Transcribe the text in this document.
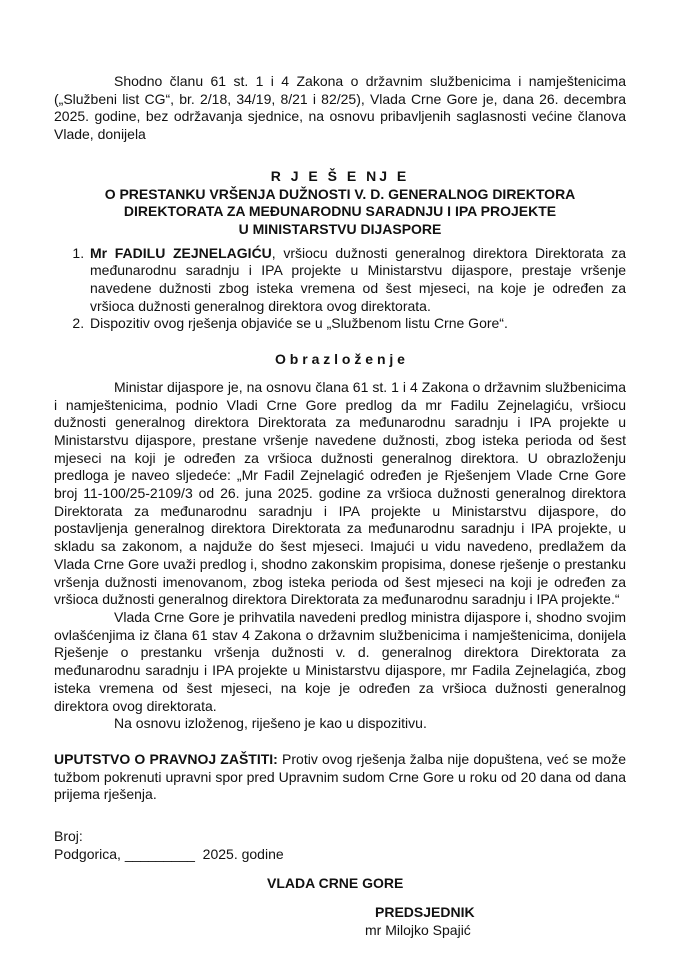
Shodno članu 61 st. 1 i 4 Zakona o državnim službenicima i namještenicima („Službeni list CG“, br. 2/18, 34/19, 8/21 i 82/25), Vlada Crne Gore je, dana 26. decembra 2025. godine, bez održavanja sjednice, na osnovu pribavljenih saglasnosti većine članova Vlade, donijela

R J E Š E NJ E
O PRESTANKU VRŠENJA DUŽNOSTI V. D. GENERALNOG DIREKTORA
DIREKTORATA ZA MEĐUNARODNU SARADNJU I IPA PROJEKTE
U MINISTARSTVU DIJASPORE
1. Mr FADILU ZEJNELAGIĆU, vršiocu dužnosti generalnog direktora Direktorata za međunarodnu saradnju i IPA projekte u Ministarstvu dijaspore, prestaje vršenje navedene dužnosti zbog isteka vremena od šest mjeseci, na koje je određen za vršioca dužnosti generalnog direktora ovog direktorata.
2. Dispozitiv ovog rješenja objaviće se u „Službenom listu Crne Gore“.
O b r a z l o ž e n j e

Ministar dijaspore je, na osnovu člana 61 st. 1 i 4 Zakona o državnim službenicima i namještenicima, podnio Vladi Crne Gore predlog da mr Fadilu Zejnelagiću, vršiocu dužnosti generalnog direktora Direktorata za međunarodnu saradnju i IPA projekte u Ministarstvu dijaspore, prestane vršenje navedene dužnosti, zbog isteka perioda od šest mjeseci na koji je određen za vršioca dužnosti generalnog direktora. U obrazloženju predloga je naveo sljedeće: „Mr Fadil Zejnelagić određen je Rješenjem Vlade Crne Gore broj 11-100/25-2109/3 od 26. juna 2025. godine za vršioca dužnosti generalnog direktora Direktorata za međunarodnu saradnju i IPA projekte u Ministarstvu dijaspore, do postavljenja generalnog direktora Direktorata za međunarodnu saradnju i IPA projekte, u skladu sa zakonom, a najduže do šest mjeseci. Imajući u vidu navedeno, predlažem da Vlada Crne Gore uvaži predlog i, shodno zakonskim propisima, donese rješenje o prestanku vršenja dužnosti imenovanom, zbog isteka perioda od šest mjeseci na koji je određen za vršioca dužnosti generalnog direktora Direktorata za međunarodnu saradnju i IPA projekte.“

Vlada Crne Gore je prihvatila navedeni predlog ministra dijaspore i, shodno svojim ovlašćenjima iz člana 61 stav 4 Zakona o državnim službenicima i namještenicima, donijela Rješenje o prestanku vršenja dužnosti v. d. generalnog direktora Direktorata za međunarodnu saradnju i IPA projekte u Ministarstvu dijaspore, mr Fadila Zejnelagića, zbog isteka vremena od šest mjeseci, na koje je određen za vršioca dužnosti generalnog direktora ovog direktorata.

Na osnovu izloženog, riješeno je kao u dispozitivu.

UPUTSTVO O PRAVNOJ ZAŠTITI: Protiv ovog rješenja žalba nije dopuštena, već se može tužbom pokrenuti upravni spor pred Upravnim sudom Crne Gore u roku od 20 dana od dana prijema rješenja.

Broj:
Podgorica, _________  2025. godine
VLADA CRNE GORE
PREDSJEDNIK
mr Milojko Spajić
